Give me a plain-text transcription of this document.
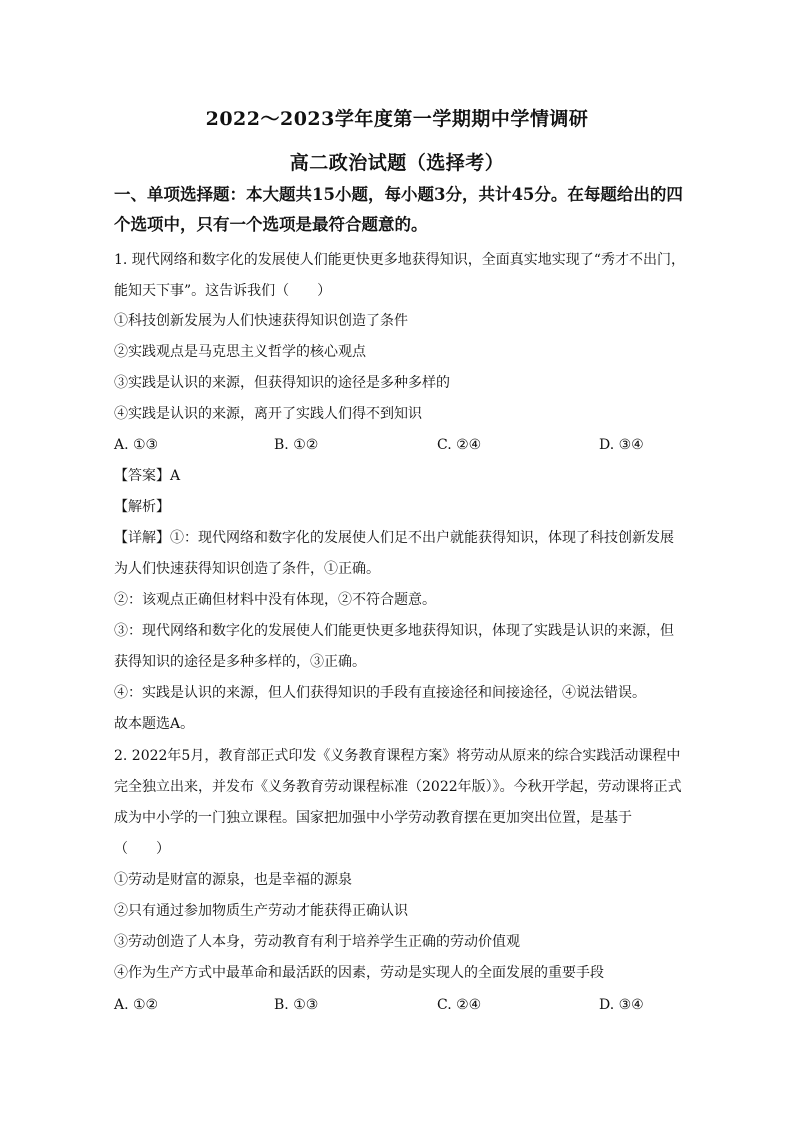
2022～2023学年度第一学期期中学情调研
高二政治试题（选择考）
一、单项选择题：本大题共15小题，每小题3分，共计45分。在每题给出的四
个选项中，只有一个选项是最符合题意的。
1. 现代网络和数字化的发展使人们能更快更多地获得知识，全面真实地实现了“秀才不出门，
能知天下事”。这告诉我们（　　）
①科技创新发展为人们快速获得知识创造了条件
②实践观点是马克思主义哲学的核心观点
③实践是认识的来源，但获得知识的途径是多种多样的
④实践是认识的来源，离开了实践人们得不到知识
A. ①③	B. ①②	C. ②④	D. ③④
【答案】A
【解析】
【详解】①：现代网络和数字化的发展使人们足不出户就能获得知识，体现了科技创新发展
为人们快速获得知识创造了条件，①正确。
②：该观点正确但材料中没有体现，②不符合题意。
③：现代网络和数字化的发展使人们能更快更多地获得知识，体现了实践是认识的来源，但
获得知识的途径是多种多样的，③正确。
④：实践是认识的来源，但人们获得知识的手段有直接途径和间接途径，④说法错误。
故本题选A。
2. 2022年5月，教育部正式印发《义务教育课程方案》将劳动从原来的综合实践活动课程中
完全独立出来，并发布《义务教育劳动课程标准（2022年版）》。今秋开学起，劳动课将正式
成为中小学的一门独立课程。国家把加强中小学劳动教育摆在更加突出位置，是基于
（　　）
①劳动是财富的源泉，也是幸福的源泉
②只有通过参加物质生产劳动才能获得正确认识
③劳动创造了人本身，劳动教育有利于培养学生正确的劳动价值观
④作为生产方式中最革命和最活跃的因素，劳动是实现人的全面发展的重要手段
A. ①②	B. ①③	C. ②④	D. ③④
